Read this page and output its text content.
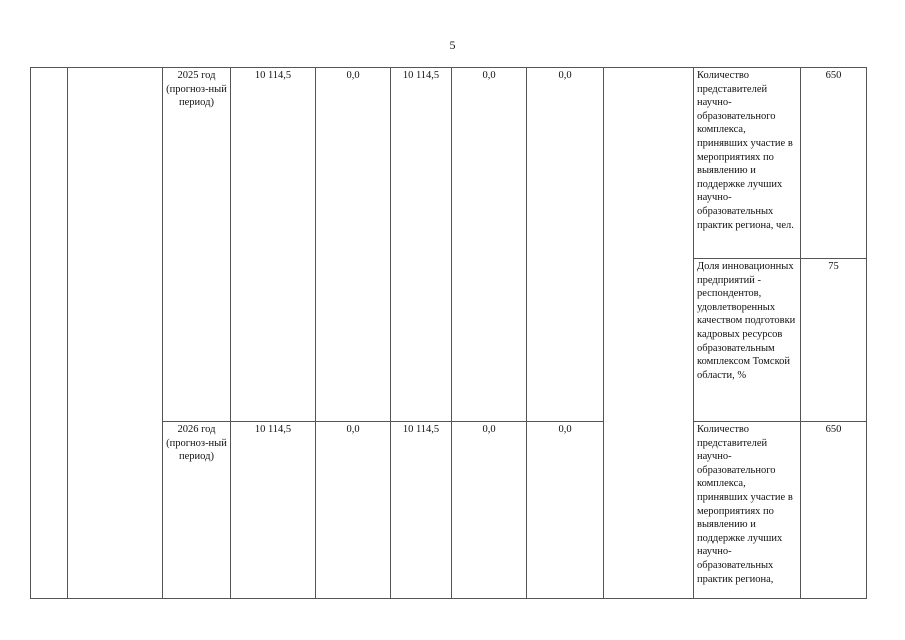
5
		2025 год (прогноз-ный период)	10 114,5	0,0	10 114,5	0,0	0,0		Количество представителей научно-образовательного комплекса, принявших участие в мероприятиях по выявлению и поддержке лучших научно-образовательных практик региона, чел.	650
									Доля инновационных предприятий - респондентов, удовлетворенных качеством подготовки кадровых ресурсов образовательным комплексом Томской области, %	75
		2026 год (прогноз-ный период)	10 114,5	0,0	10 114,5	0,0	0,0		Количество представителей научно-образовательного комплекса, принявших участие в мероприятиях по выявлению и поддержке лучших научно-образовательных практик региона,	650
